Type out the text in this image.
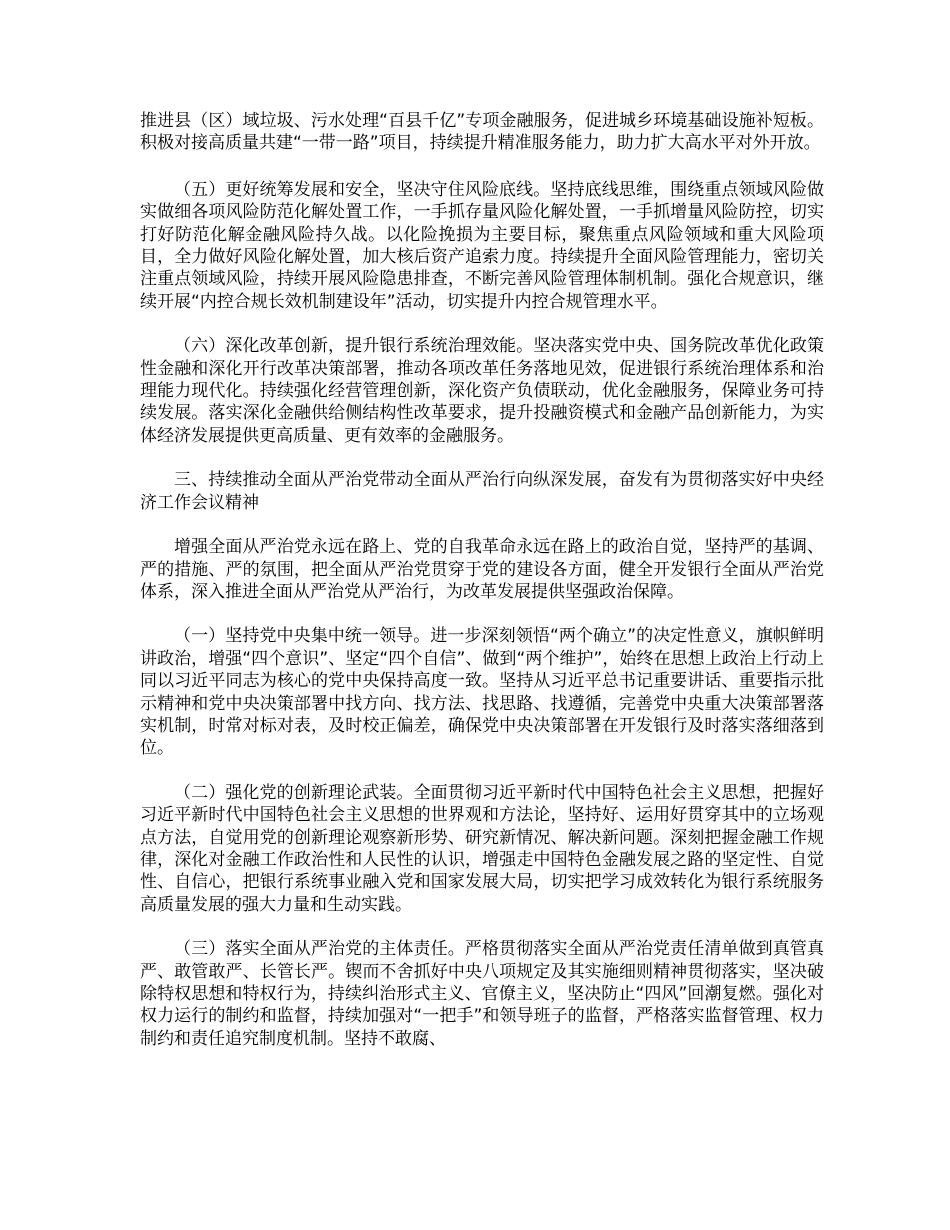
推进县（区）域垃圾、污水处理“百县千亿”专项金融服务，促进城乡环境基础设施补短板。积极对接高质量共建“一带一路”项目，持续提升精准服务能力，助力扩大高水平对外开放。

（五）更好统筹发展和安全，坚决守住风险底线。坚持底线思维，围绕重点领域风险做实做细各项风险防范化解处置工作，一手抓存量风险化解处置，一手抓增量风险防控，切实打好防范化解金融风险持久战。以化险挽损为主要目标，聚焦重点风险领域和重大风险项目，全力做好风险化解处置，加大核后资产追索力度。持续提升全面风险管理能力，密切关注重点领域风险，持续开展风险隐患排查，不断完善风险管理体制机制。强化合规意识，继续开展“内控合规长效机制建设年”活动，切实提升内控合规管理水平。

（六）深化改革创新，提升银行系统治理效能。坚决落实党中央、国务院改革优化政策性金融和深化开行改革决策部署，推动各项改革任务落地见效，促进银行系统治理体系和治理能力现代化。持续强化经营管理创新，深化资产负债联动，优化金融服务，保障业务可持续发展。落实深化金融供给侧结构性改革要求，提升投融资模式和金融产品创新能力，为实体经济发展提供更高质量、更有效率的金融服务。

三、持续推动全面从严治党带动全面从严治行向纵深发展，奋发有为贯彻落实好中央经济工作会议精神

增强全面从严治党永远在路上、党的自我革命永远在路上的政治自觉，坚持严的基调、严的措施、严的氛围，把全面从严治党贯穿于党的建设各方面，健全开发银行全面从严治党体系，深入推进全面从严治党从严治行，为改革发展提供坚强政治保障。

（一）坚持党中央集中统一领导。进一步深刻领悟“两个确立”的决定性意义，旗帜鲜明讲政治，增强“四个意识”、坚定“四个自信”、做到“两个维护”，始终在思想上政治上行动上同以习近平同志为核心的党中央保持高度一致。坚持从习近平总书记重要讲话、重要指示批示精神和党中央决策部署中找方向、找方法、找思路、找遵循，完善党中央重大决策部署落实机制，时常对标对表，及时校正偏差，确保党中央决策部署在开发银行及时落实落细落到位。

（二）强化党的创新理论武装。全面贯彻习近平新时代中国特色社会主义思想，把握好习近平新时代中国特色社会主义思想的世界观和方法论，坚持好、运用好贯穿其中的立场观点方法，自觉用党的创新理论观察新形势、研究新情况、解决新问题。深刻把握金融工作规律，深化对金融工作政治性和人民性的认识，增强走中国特色金融发展之路的坚定性、自觉性、自信心，把银行系统事业融入党和国家发展大局，切实把学习成效转化为银行系统服务高质量发展的强大力量和生动实践。

（三）落实全面从严治党的主体责任。严格贯彻落实全面从严治党责任清单做到真管真严、敢管敢严、长管长严。锲而不舍抓好中央八项规定及其实施细则精神贯彻落实，坚决破除特权思想和特权行为，持续纠治形式主义、官僚主义，坚决防止“四风”回潮复燃。强化对权力运行的制约和监督，持续加强对“一把手”和领导班子的监督，严格落实监督管理、权力制约和责任追究制度机制。坚持不敢腐、
